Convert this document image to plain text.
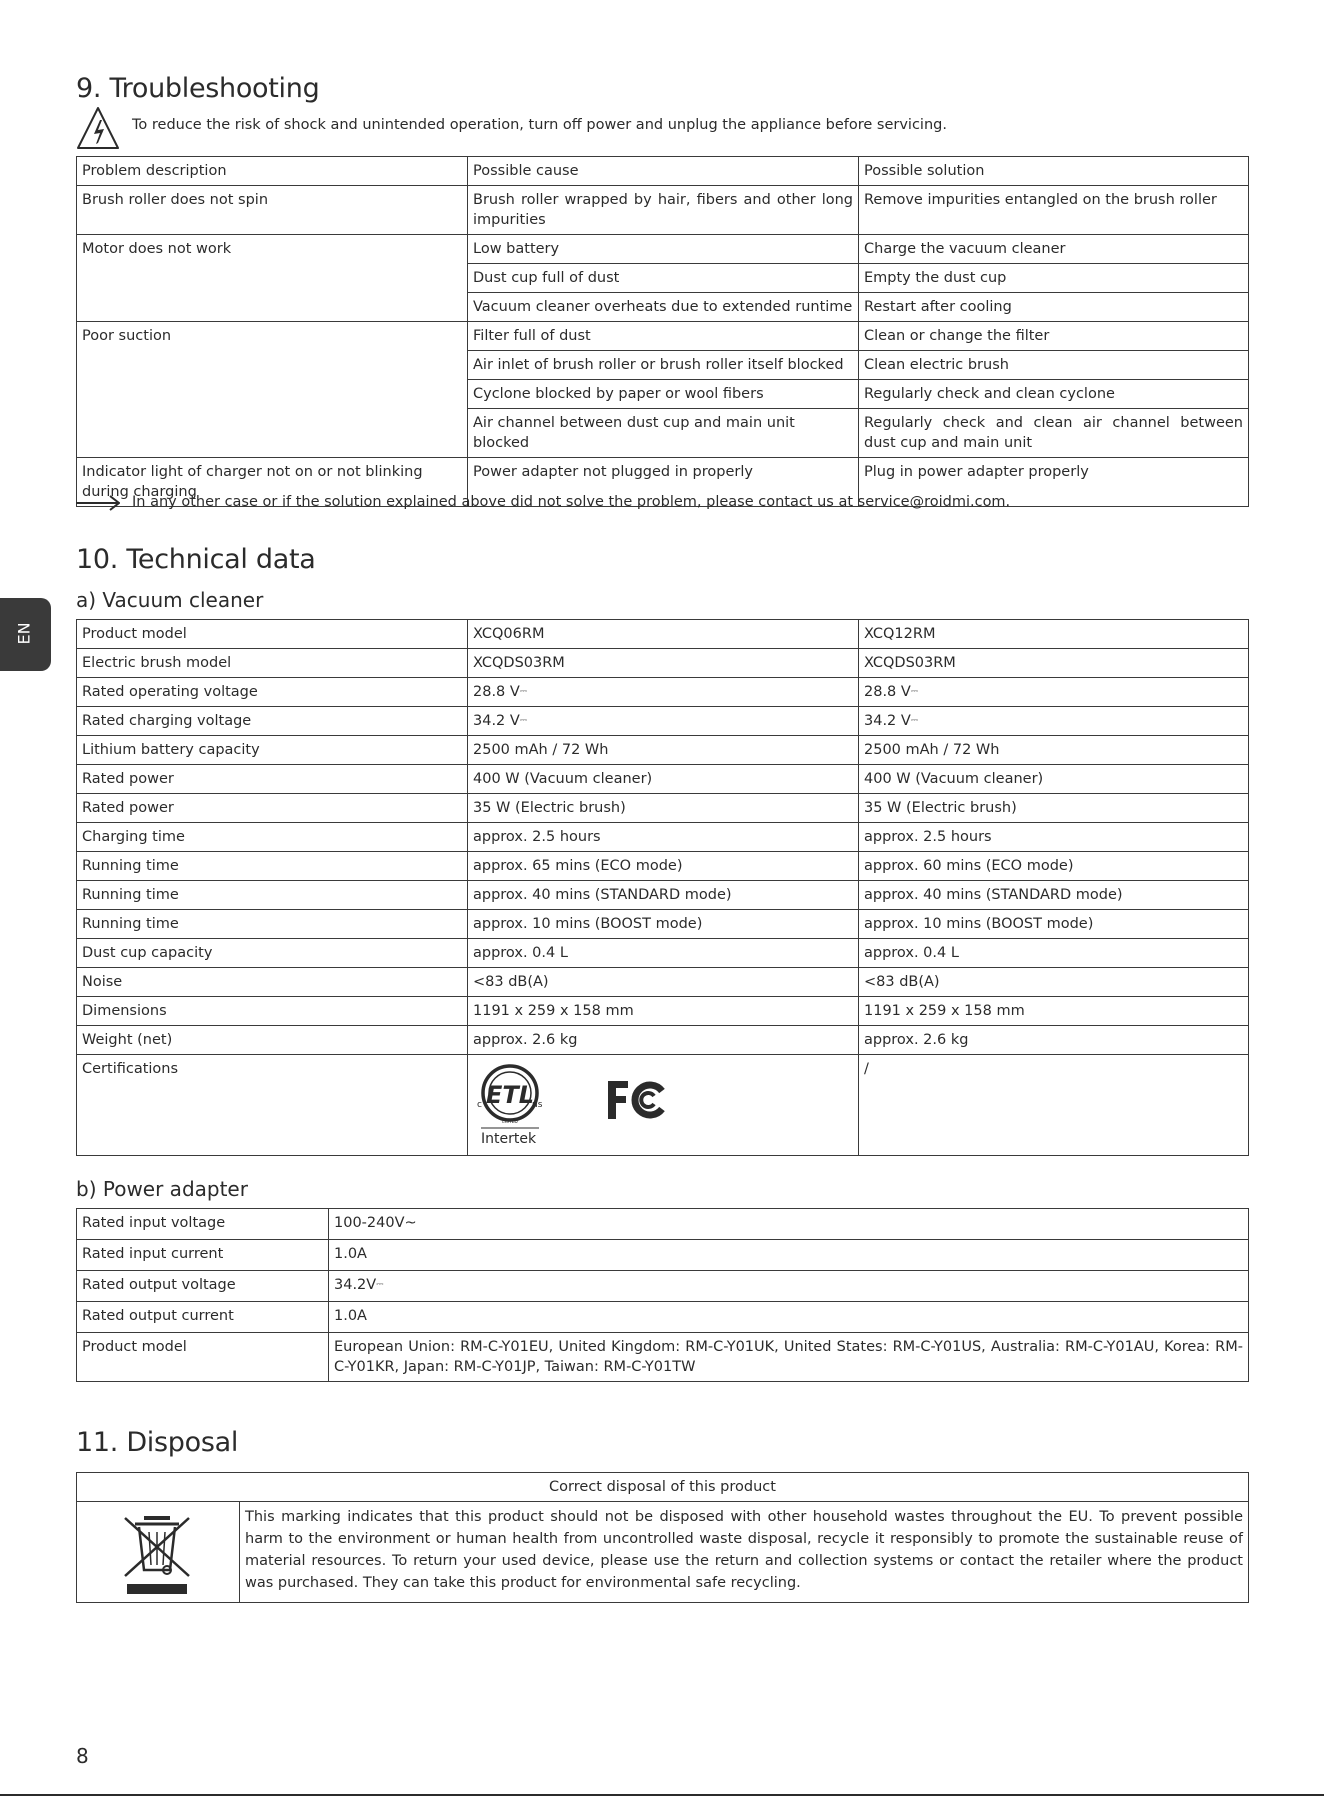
EN
9. Troubleshooting
To reduce the risk of shock and unintended operation, turn off power and unplug the appliance before servicing.
Problem description	Possible cause	Possible solution
Brush roller does not spin	Brush roller wrapped by hair, fibers and other long impurities	Remove impurities entangled on the brush roller
Motor does not work	Low battery	Charge the vacuum cleaner
	Dust cup full of dust	Empty the dust cup
	Vacuum cleaner overheats due to extended runtime	Restart after cooling
Poor suction	Filter full of dust	Clean or change the filter
	Air inlet of brush roller or brush roller itself blocked	Clean electric brush
	Cyclone blocked by paper or wool fibers	Regularly check and clean cyclone
	Air channel between dust cup and main unit blocked	Regularly check and clean air channel between dust cup and main unit
Indicator light of charger not on or not blinking during charging	Power adapter not plugged in properly	Plug in power adapter properly
In any other case or if the solution explained above did not solve the problem, please contact us at service@roidmi.com.
10. Technical data
a) Vacuum cleaner
Product model	XCQ06RM	XCQ12RM
Electric brush model	XCQDS03RM	XCQDS03RM
Rated operating voltage	28.8 V⎓	28.8 V⎓
Rated charging voltage	34.2 V⎓	34.2 V⎓
Lithium battery capacity	2500 mAh / 72 Wh	2500 mAh / 72 Wh
Rated power	400 W (Vacuum cleaner)	400 W (Vacuum cleaner)
Rated power	35 W (Electric brush)	35 W (Electric brush)
Charging time	approx. 2.5 hours	approx. 2.5 hours
Running time	approx. 65 mins (ECO mode)	approx. 60 mins (ECO mode)
Running time	approx. 40 mins (STANDARD mode)	approx. 40 mins (STANDARD mode)
Running time	approx. 10 mins (BOOST mode)	approx. 10 mins (BOOST mode)
Dust cup capacity	approx. 0.4 L	approx. 0.4 L
Noise	<83 dB(A)	<83 dB(A)
Dimensions	1191 x 259 x 158 mm	1191 x 259 x 158 mm
Weight (net)	approx. 2.6 kg	approx. 2.6 kg
Certifications	ETL
c us
LISTED
Intertek	/
b) Power adapter
Rated input voltage	100-240V~
Rated input current	1.0A
Rated output voltage	34.2V⎓
Rated output current	1.0A
Product model	European Union: RM-C-Y01EU, United Kingdom: RM-C-Y01UK, United States: RM-C-Y01US, Australia: RM-C-Y01AU, Korea: RM-C-Y01KR, Japan: RM-C-Y01JP, Taiwan: RM-C-Y01TW
11. Disposal
Correct disposal of this product

	This marking indicates that this product should not be disposed with other household wastes throughout the EU. To prevent possible harm to the environment or human health from uncontrolled waste disposal, recycle it responsibly to promote the sustainable reuse of material resources. To return your used device, please use the return and collection systems or contact the retailer where the product was purchased. They can take this product for environmental safe recycling.
8
